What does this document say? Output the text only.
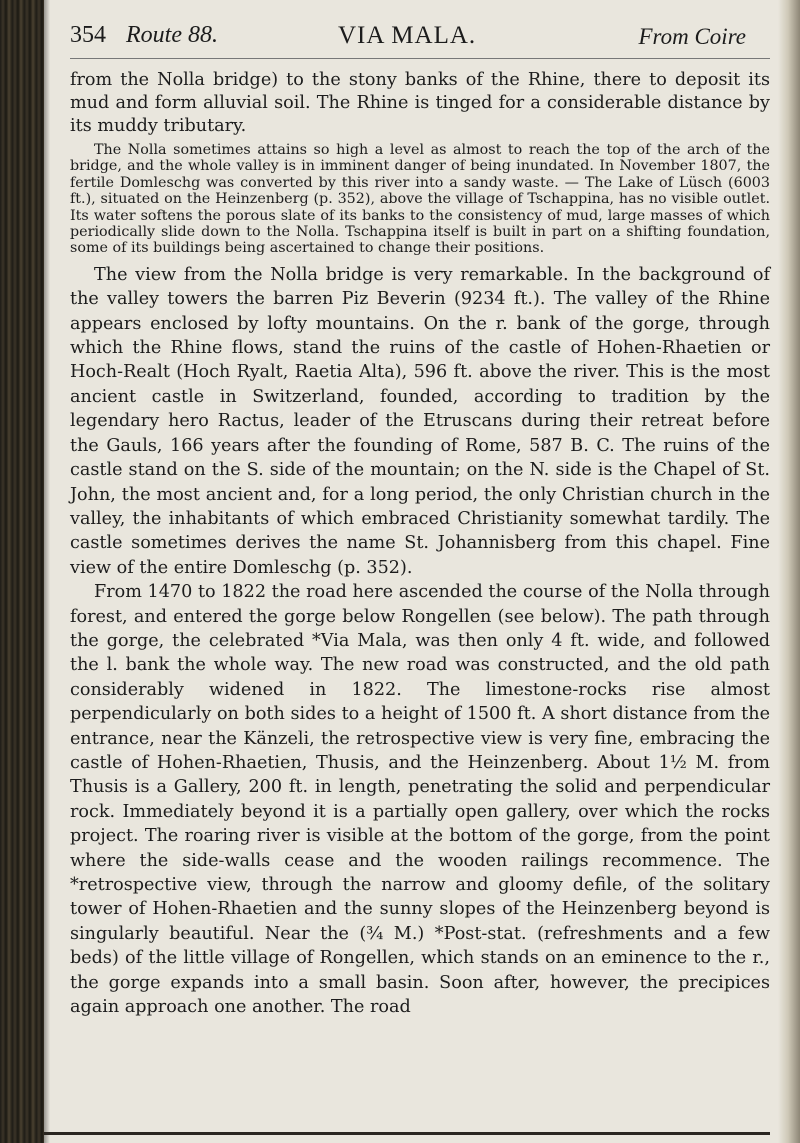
354 Route 88.	VIA MALA.	From Coire

from the Nolla bridge) to the stony banks of the Rhine, there to deposit its mud and form alluvial soil. The Rhine is tinged for a considerable distance by its muddy tributary.

The Nolla sometimes attains so high a level as almost to reach the top of the arch of the bridge, and the whole valley is in imminent danger of being inundated. In November 1807, the fertile Domleschg was converted by this river into a sandy waste. — The Lake of Lüsch (6003 ft.), situated on the Heinzenberg (p. 352), above the village of Tschappina, has no visible outlet. Its water softens the porous slate of its banks to the consistency of mud, large masses of which periodically slide down to the Nolla. Tschappina itself is built in part on a shifting foundation, some of its buildings being ascertained to change their positions.

The view from the Nolla bridge is very remarkable. In the background of the valley towers the barren Piz Beverin (9234 ft.). The valley of the Rhine appears enclosed by lofty mountains. On the r. bank of the gorge, through which the Rhine flows, stand the ruins of the castle of Hohen-Rhaetien or Hoch-Realt (Hoch Ryalt, Raetia Alta), 596 ft. above the river. This is the most ancient castle in Switzerland, founded, according to tradition by the legendary hero Ractus, leader of the Etruscans during their retreat before the Gauls, 166 years after the founding of Rome, 587 B. C. The ruins of the castle stand on the S. side of the mountain; on the N. side is the Chapel of St. John, the most ancient and, for a long period, the only Christian church in the valley, the inhabitants of which embraced Christianity somewhat tardily. The castle sometimes derives the name St. Johannisberg from this chapel. Fine view of the entire Domleschg (p. 352).

From 1470 to 1822 the road here ascended the course of the Nolla through forest, and entered the gorge below Rongellen (see below). The path through the gorge, the celebrated *Via Mala, was then only 4 ft. wide, and followed the l. bank the whole way. The new road was constructed, and the old path considerably widened in 1822. The limestone-rocks rise almost perpendicularly on both sides to a height of 1500 ft. A short distance from the entrance, near the Känzeli, the retrospective view is very fine, embracing the castle of Hohen-Rhaetien, Thusis, and the Heinzenberg. About 1½ M. from Thusis is a Gallery, 200 ft. in length, penetrating the solid and perpendicular rock. Immediately beyond it is a partially open gallery, over which the rocks project. The roaring river is visible at the bottom of the gorge, from the point where the side-walls cease and the wooden railings recommence. The *retrospective view, through the narrow and gloomy defile, of the solitary tower of Hohen-Rhaetien and the sunny slopes of the Heinzenberg beyond is singularly beautiful. Near the (¾ M.) *Post-stat. (refreshments and a few beds) of the little village of Rongellen, which stands on an eminence to the r., the gorge expands into a small basin. Soon after, however, the precipices again approach one another. The road
